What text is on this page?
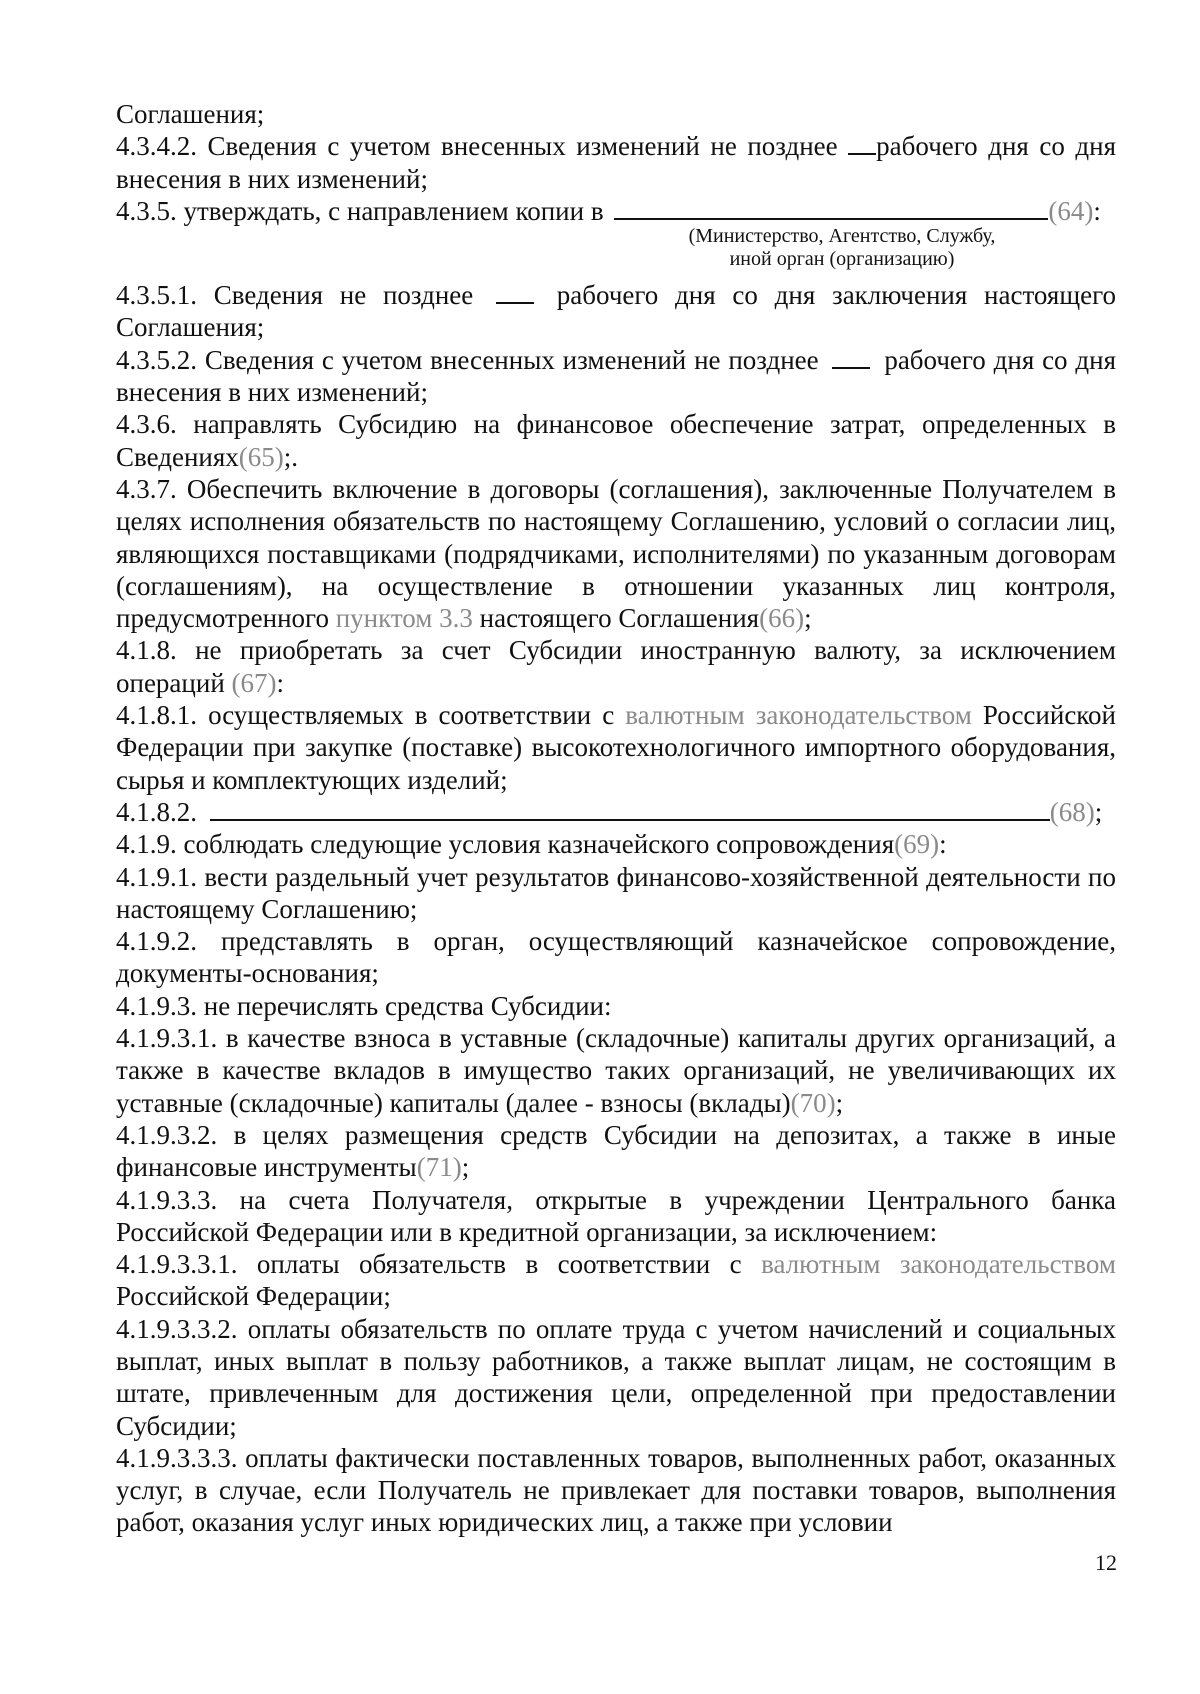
Соглашения;

4.3.4.2. Сведения с учетом внесенных изменений не позднее рабочего дня со дня внесения в них изменений;

4.3.5. утверждать, с направлением копии в	(64):

(Министерство, Агентство, Службу,
иной орган (организацию)

4.3.5.1. Сведения не позднее  рабочего дня со дня заключения настоящего Соглашения;

4.3.5.2. Сведения с учетом внесенных изменений не позднее  рабочего дня со дня внесения в них изменений;

4.3.6. направлять Субсидию на финансовое обеспечение затрат, определенных в Сведениях(65);.

4.3.7. Обеспечить включение в договоры (соглашения), заключенные Получателем в целях исполнения обязательств по настоящему Соглашению, условий о согласии лиц, являющихся поставщиками (подрядчиками, исполнителями) по указанным договорам (соглашениям), на осуществление в отношении указанных лиц контроля, предусмотренного пунктом 3.3 настоящего Соглашения(66);

4.1.8. не приобретать за счет Субсидии иностранную валюту, за исключением операций (67):

4.1.8.1. осуществляемых в соответствии с валютным законодательством Российской Федерации при закупке (поставке) высокотехнологичного импортного оборудования, сырья и комплектующих изделий;

4.1.8.2.	(68);

4.1.9. соблюдать следующие условия казначейского сопровождения(69):

4.1.9.1. вести раздельный учет результатов финансово-хозяйственной деятельности по настоящему Соглашению;

4.1.9.2. представлять в орган, осуществляющий казначейское сопровождение, документы-основания;

4.1.9.3. не перечислять средства Субсидии:

4.1.9.3.1. в качестве взноса в уставные (складочные) капиталы других организаций, а также в качестве вкладов в имущество таких организаций, не увеличивающих их уставные (складочные) капиталы (далее - взносы (вклады)(70);

4.1.9.3.2. в целях размещения средств Субсидии на депозитах, а также в иные финансовые инструменты(71);

4.1.9.3.3. на счета Получателя, открытые в учреждении Центрального банка Российской Федерации или в кредитной организации, за исключением:

4.1.9.3.3.1. оплаты обязательств в соответствии с валютным законодательством Российской Федерации;

4.1.9.3.3.2. оплаты обязательств по оплате труда с учетом начислений и социальных выплат, иных выплат в пользу работников, а также выплат лицам, не состоящим в штате, привлеченным для достижения цели, определенной при предоставлении Субсидии;

4.1.9.3.3.3. оплаты фактически поставленных товаров, выполненных работ, оказанных услуг, в случае, если Получатель не привлекает для поставки товаров, выполнения работ, оказания услуг иных юридических лиц, а также при условии

12
